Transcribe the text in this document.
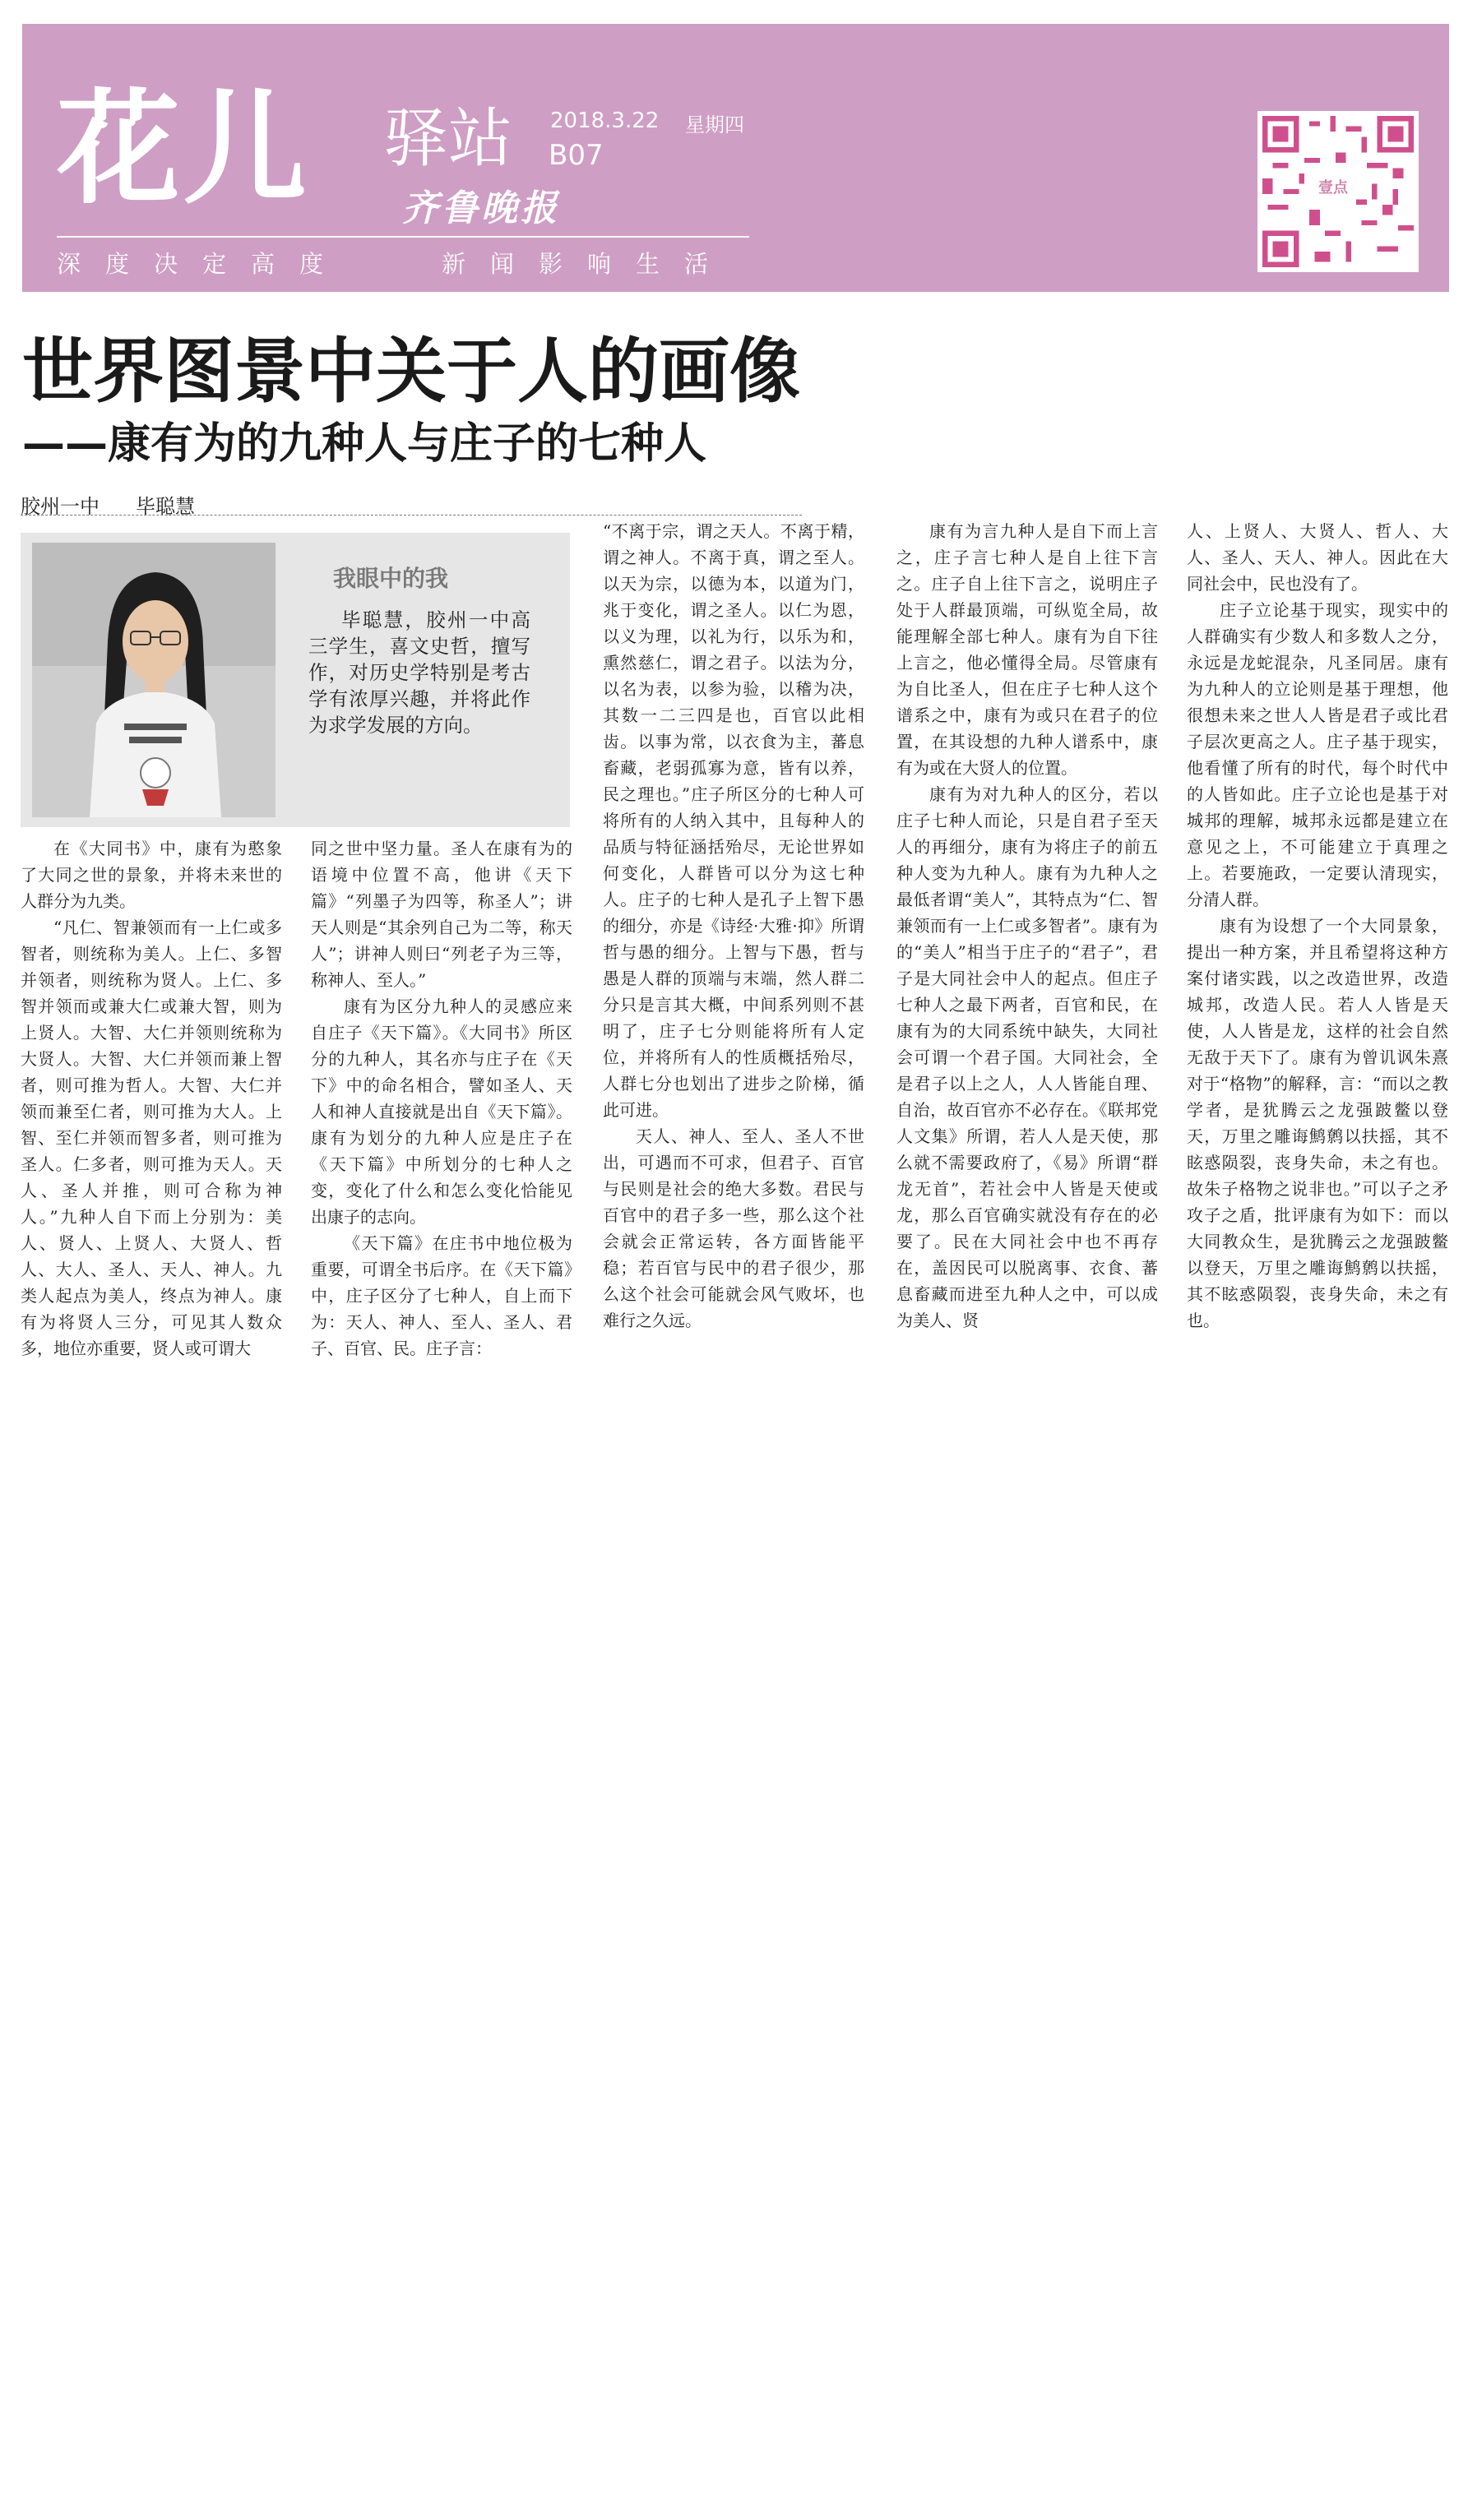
花儿 驿站
齐鲁晚报
2018.3.22 星期四
B07
深度决定高度	新闻影响生活
壹点
世界图景中关于人的画像
——康有为的九种人与庄子的七种人
胶州一中 毕聪慧
我眼中的我
毕聪慧，胶州一中高三学生，喜文史哲，擅写作，对历史学特别是考古学有浓厚兴趣，并将此作为求学发展的方向。

在《大同书》中，康有为憨象了大同之世的景象，并将未来世的人群分为九类。

“凡仁、智兼领而有一上仁或多智者，则统称为美人。上仁、多智并领者，则统称为贤人。上仁、多智并领而或兼大仁或兼大智，则为上贤人。大智、大仁并领则统称为大贤人。大智、大仁并领而兼上智者，则可推为哲人。大智、大仁并领而兼至仁者，则可推为大人。上智、至仁并领而智多者，则可推为圣人。仁多者，则可推为天人。天人、圣人并推，则可合称为神人。”九种人自下而上分别为：美人、贤人、上贤人、大贤人、哲人、大人、圣人、天人、神人。九类人起点为美人，终点为神人。康有为将贤人三分，可见其人数众多，地位亦重要，贤人或可谓大

同之世中坚力量。圣人在康有为的语境中位置不高，他讲《天下篇》“列墨子为四等，称圣人”；讲天人则是“其余列自己为二等，称天人”；讲神人则曰“列老子为三等，称神人、至人。”

康有为区分九种人的灵感应来自庄子《天下篇》。《大同书》所区分的九种人，其名亦与庄子在《天下》中的命名相合，譬如圣人、天人和神人直接就是出自《天下篇》。康有为划分的九种人应是庄子在《天下篇》中所划分的七种人之变，变化了什么和怎么变化恰能见出康子的志向。

《天下篇》在庄书中地位极为重要，可谓全书后序。在《天下篇》中，庄子区分了七种人，自上而下为：天人、神人、至人、圣人、君子、百官、民。庄子言：

“不离于宗，谓之天人。不离于精，谓之神人。不离于真，谓之至人。以天为宗，以德为本，以道为门，兆于变化，谓之圣人。以仁为恩，以义为理，以礼为行，以乐为和，熏然慈仁，谓之君子。以法为分，以名为表，以参为验，以稽为决，其数一二三四是也，百官以此相齿。以事为常，以衣食为主，蕃息畜藏，老弱孤寡为意，皆有以养，民之理也。”庄子所区分的七种人可将所有的人纳入其中，且每种人的品质与特征涵括殆尽，无论世界如何变化，人群皆可以分为这七种人。庄子的七种人是孔子上智下愚的细分，亦是《诗经·大雅·抑》所谓哲与愚的细分。上智与下愚，哲与愚是人群的顶端与末端，然人群二分只是言其大概，中间系列则不甚明了，庄子七分则能将所有人定位，并将所有人的性质概括殆尽，人群七分也划出了进步之阶梯，循此可进。

天人、神人、至人、圣人不世出，可遇而不可求，但君子、百官与民则是社会的绝大多数。君民与百官中的君子多一些，那么这个社会就会正常运转，各方面皆能平稳；若百官与民中的君子很少，那么这个社会可能就会风气败坏，也难行之久远。

康有为言九种人是自下而上言之，庄子言七种人是自上往下言之。庄子自上往下言之，说明庄子处于人群最顶端，可纵览全局，故能理解全部七种人。康有为自下往上言之，他必懂得全局。尽管康有为自比圣人，但在庄子七种人这个谱系之中，康有为或只在君子的位置，在其设想的九种人谱系中，康有为或在大贤人的位置。

康有为对九种人的区分，若以庄子七种人而论，只是自君子至天人的再细分，康有为将庄子的前五种人变为九种人。康有为九种人之最低者谓“美人”，其特点为“仁、智兼领而有一上仁或多智者”。康有为的“美人”相当于庄子的“君子”，君子是大同社会中人的起点。但庄子七种人之最下两者，百官和民，在康有为的大同系统中缺失，大同社会可谓一个君子国。大同社会，全是君子以上之人，人人皆能自理、自治，故百官亦不必存在。《联邦党人文集》所谓，若人人是天使，那么就不需要政府了，《易》所谓“群龙无首”，若社会中人皆是天使或龙，那么百官确实就没有存在的必要了。民在大同社会中也不再存在，盖因民可以脱离事、衣食、蕃息畜藏而进至九种人之中，可以成为美人、贤

人、上贤人、大贤人、哲人、大人、圣人、天人、神人。因此在大同社会中，民也没有了。

庄子立论基于现实，现实中的人群确实有少数人和多数人之分，永远是龙蛇混杂，凡圣同居。康有为九种人的立论则是基于理想，他很想未来之世人人皆是君子或比君子层次更高之人。庄子基于现实，他看懂了所有的时代，每个时代中的人皆如此。庄子立论也是基于对城邦的理解，城邦永远都是建立在意见之上，不可能建立于真理之上。若要施政，一定要认清现实，分清人群。

康有为设想了一个大同景象，提出一种方案，并且希望将这种方案付诸实践，以之改造世界，改造城邦，改造人民。若人人皆是天使，人人皆是龙，这样的社会自然无敌于天下了。康有为曾讥讽朱熹对于“格物”的解释，言：“而以之教学者，是犹腾云之龙强跛鳖以登天，万里之雕诲鹪鹩以扶摇，其不眩惑陨裂，丧身失命，未之有也。故朱子格物之说非也。”可以子之矛攻子之盾，批评康有为如下：而以大同教众生，是犹腾云之龙强跛鳖以登天，万里之雕诲鹪鹩以扶摇，其不眩惑陨裂，丧身失命，未之有也。
